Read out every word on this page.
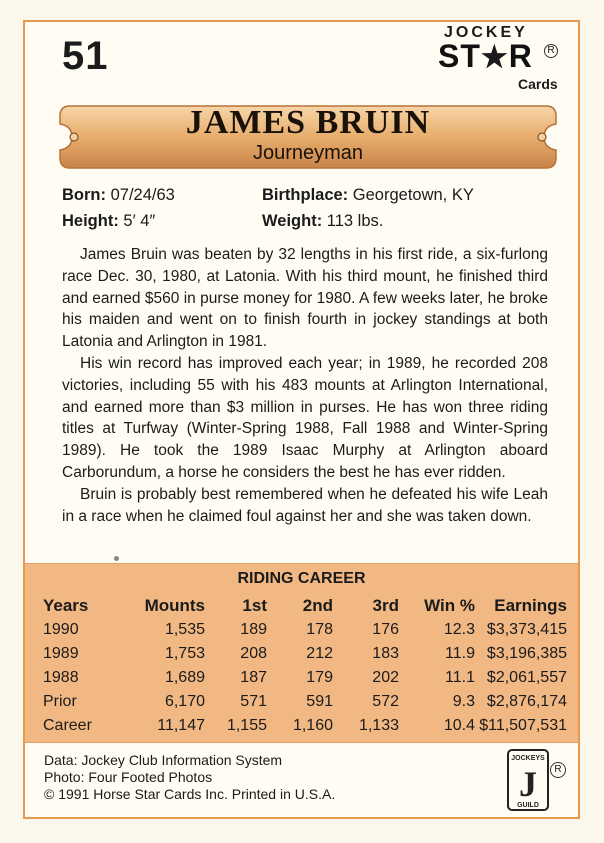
51
JOCKEY
ST★R	R
Cards
JAMES BRUIN
Journeyman
Born: 07/24/63	Birthplace: Georgetown, KY
Height: 5′ 4″	Weight: 113 lbs.

James Bruin was beaten by 32 lengths in his first ride, a six-furlong race Dec. 30, 1980, at Latonia. With his third mount, he finished third and earned $560 in purse money for 1980. A few weeks later, he broke his maiden and went on to finish fourth in jockey standings at both Latonia and Arlington in 1981.

His win record has improved each year; in 1989, he recorded 208 victories, including 55 with his 483 mounts at Arlington International, and earned more than $3 million in purses. He has won three riding titles at Turfway (Winter-Spring 1988, Fall 1988 and Winter-Spring 1989). He took the 1989 Isaac Murphy at Arlington aboard Carborundum, a horse he considers the best he has ever ridden.

Bruin is probably best remembered when he defeated his wife Leah in a race when he claimed foul against her and she was taken down.

RIDING CAREER
Years	Mounts	1st	2nd	3rd	Win %	Earnings
1990	1,535	189	178	176	12.3	$3,373,415
1989	1,753	208	212	183	11.9	$3,196,385
1988	1,689	187	179	202	11.1	$2,061,557
Prior	6,170	571	591	572	9.3	$2,876,174
Career	11,147	1,155	1,160	1,133	10.4	$11,507,531
Data: Jockey Club Information System
Photo: Four Footed Photos
© 1991 Horse Star Cards Inc. Printed in U.S.A.
JOCKEYS
J
GUILD
R
